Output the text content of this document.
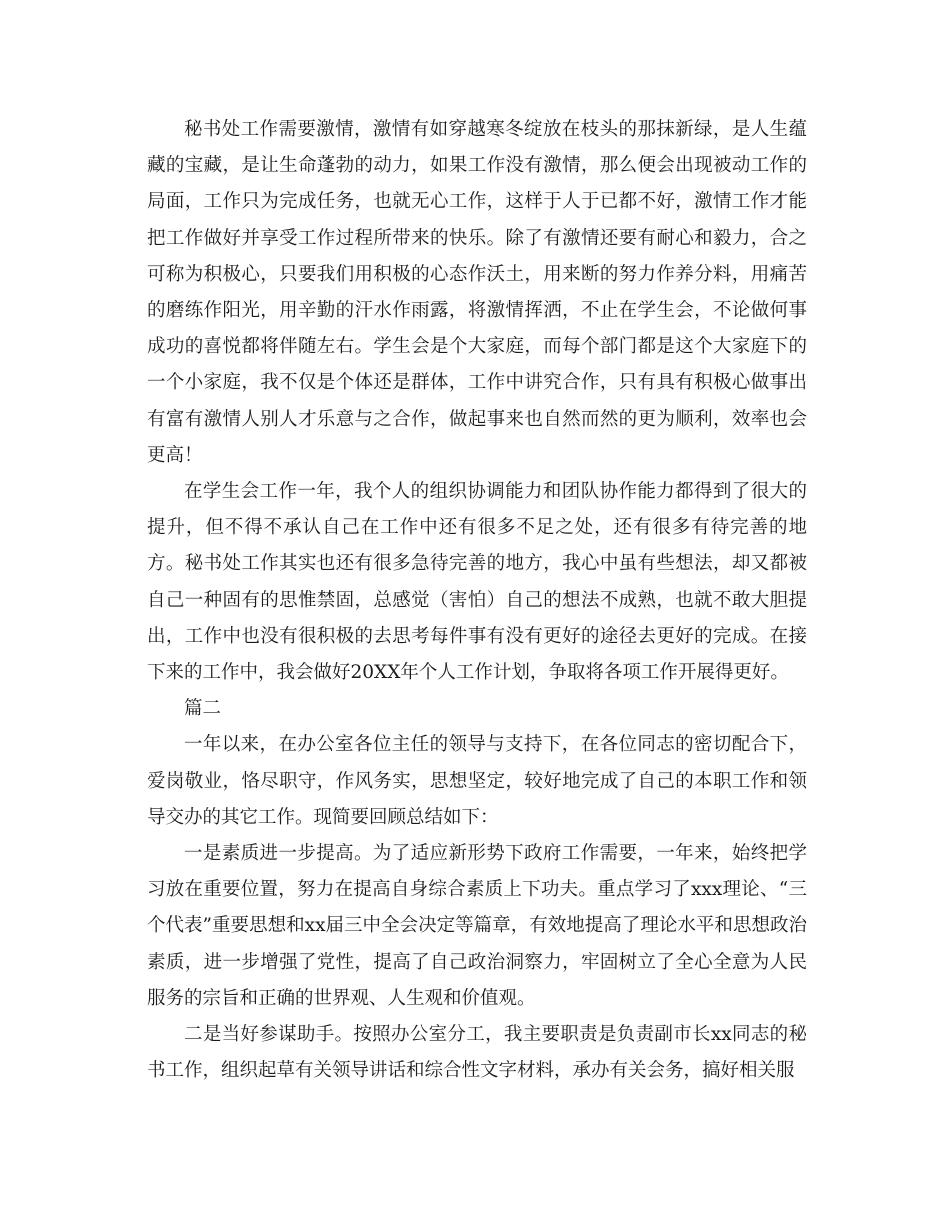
秘书处工作需要激情，激情有如穿越寒冬绽放在枝头的那抹新绿，是人生蕴藏的宝藏，是让生命蓬勃的动力，如果工作没有激情，那么便会出现被动工作的局面，工作只为完成任务，也就无心工作，这样于人于已都不好，激情工作才能把工作做好并享受工作过程所带来的快乐。除了有激情还要有耐心和毅力，合之可称为积极心，只要我们用积极的心态作沃土，用来断的努力作养分料，用痛苦的磨练作阳光，用辛勤的汗水作雨露，将激情挥洒，不止在学生会，不论做何事成功的喜悦都将伴随左右。学生会是个大家庭，而每个部门都是这个大家庭下的一个小家庭，我不仅是个体还是群体，工作中讲究合作，只有具有积极心做事出有富有激情人别人才乐意与之合作，做起事来也自然而然的更为顺利，效率也会更高！

在学生会工作一年，我个人的组织协调能力和团队协作能力都得到了很大的提升，但不得不承认自己在工作中还有很多不足之处，还有很多有待完善的地方。秘书处工作其实也还有很多急待完善的地方，我心中虽有些想法，却又都被自己一种固有的思惟禁固，总感觉（害怕）自己的想法不成熟，也就不敢大胆提出，工作中也没有很积极的去思考每件事有没有更好的途径去更好的完成。在接下来的工作中，我会做好20XX年个人工作计划，争取将各项工作开展得更好。

篇二

一年以来，在办公室各位主任的领导与支持下，在各位同志的密切配合下，爱岗敬业，恪尽职守，作风务实，思想坚定，较好地完成了自己的本职工作和领导交办的其它工作。现简要回顾总结如下：

一是素质进一步提高。为了适应新形势下政府工作需要，一年来，始终把学习放在重要位置，努力在提高自身综合素质上下功夫。重点学习了xxx理论、“三个代表”重要思想和xx届三中全会决定等篇章，有效地提高了理论水平和思想政治素质，进一步增强了党性，提高了自己政治洞察力，牢固树立了全心全意为人民服务的宗旨和正确的世界观、人生观和价值观。

二是当好参谋助手。按照办公室分工，我主要职责是负责副市长xx同志的秘书工作，组织起草有关领导讲话和综合性文字材料，承办有关会务，搞好相关服
